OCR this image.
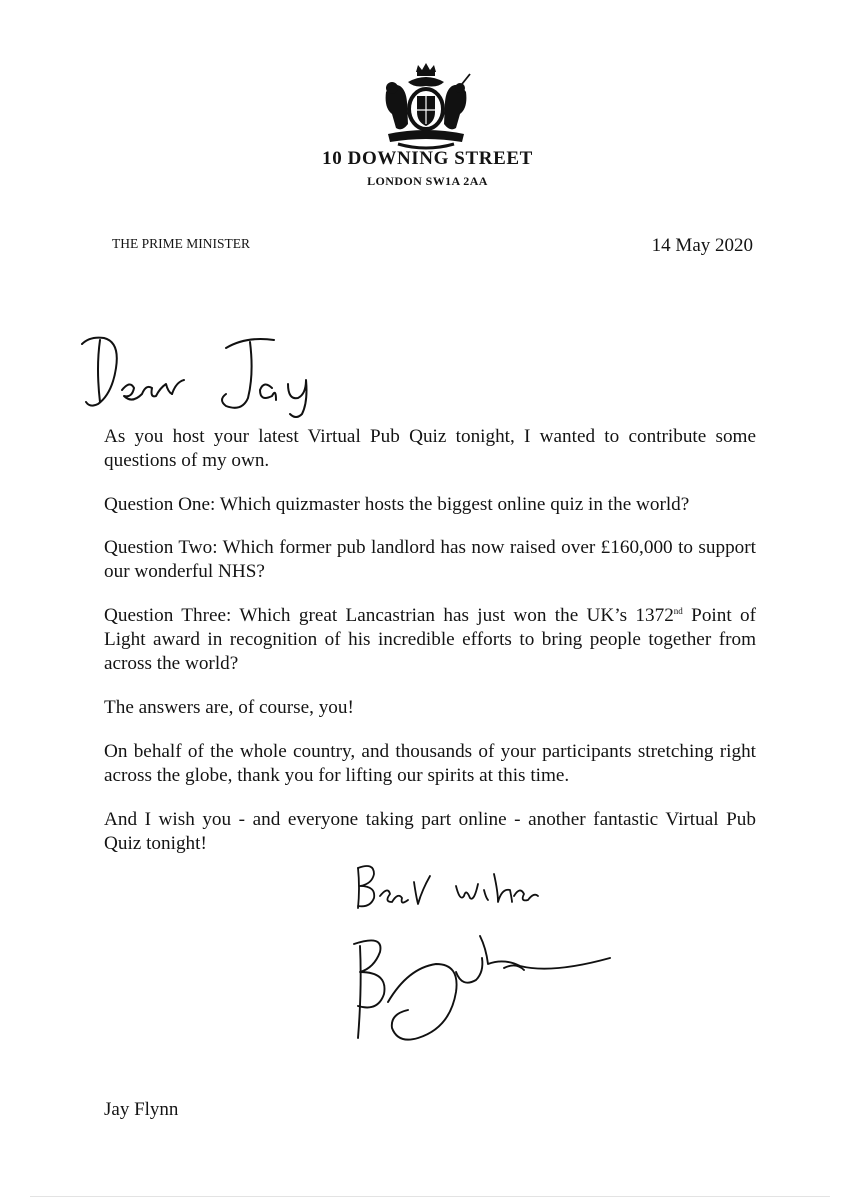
10 DOWNING STREET
LONDON SW1A 2AA
THE PRIME MINISTER	14 May 2020

As you host your latest Virtual Pub Quiz tonight, I wanted to contribute some questions of my own.

Question One: Which quizmaster hosts the biggest online quiz in the world?

Question Two: Which former pub landlord has now raised over £160,000 to support our wonderful NHS?

Question Three: Which great Lancastrian has just won the UK’s 1372nd Point of Light award in recognition of his incredible efforts to bring people together from across the world?

The answers are, of course, you!

On behalf of the whole country, and thousands of your participants stretching right across the globe, thank you for lifting our spirits at this time.

And I wish you - and everyone taking part online - another fantastic Virtual Pub Quiz tonight!

Jay Flynn
